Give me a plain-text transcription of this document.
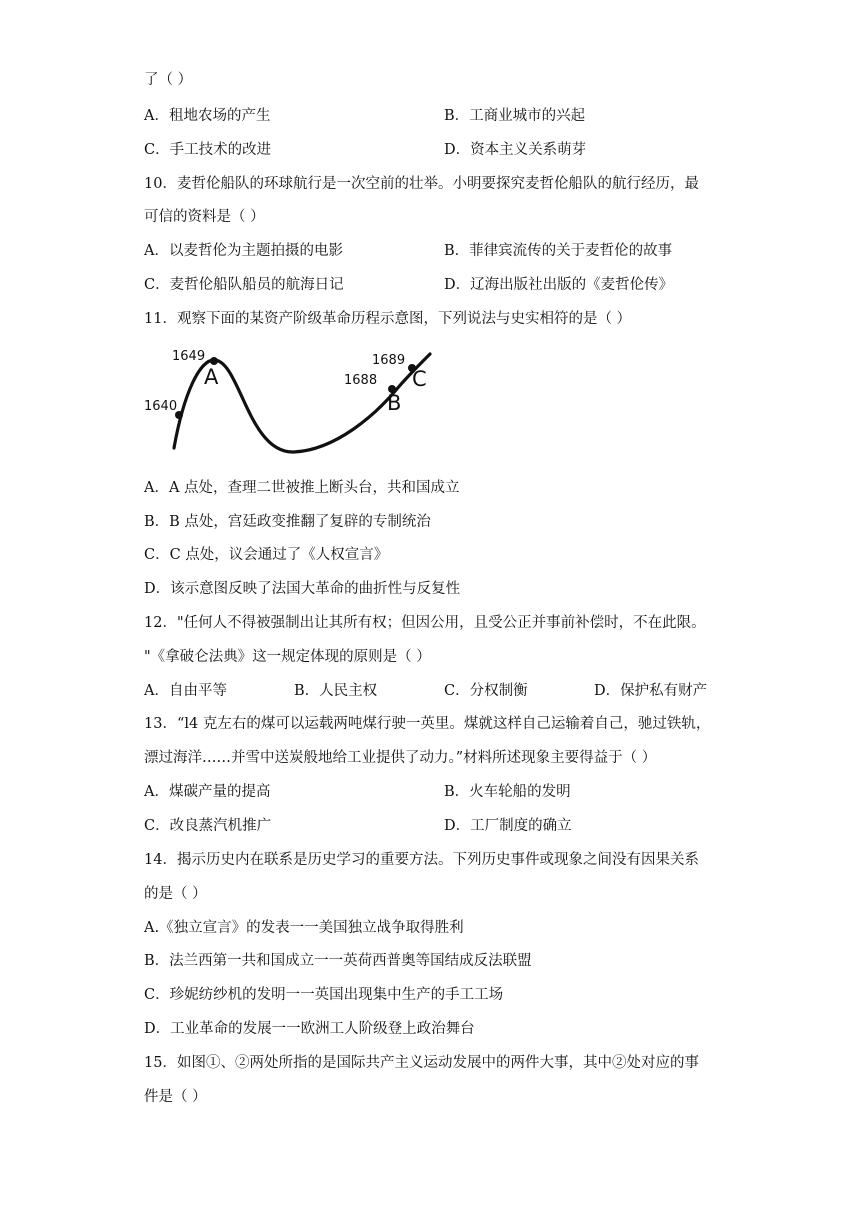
了（ ）
A．租地农场的产生	B．工商业城市的兴起
C．手工技术的改进	D．资本主义关系萌芽
10．麦哲伦船队的环球航行是一次空前的壮举。小明要探究麦哲伦船队的航行经历，最
可信的资料是（ ）
A．以麦哲伦为主题拍摄的电影	B．菲律宾流传的关于麦哲伦的故事
C．麦哲伦船队船员的航海日记	D．辽海出版社出版的《麦哲伦传》
11．观察下面的某资产阶级革命历程示意图，下列说法与史实相符的是（ ）
1640
1649
1688
1689
A
B
C
A．A 点处，查理二世被推上断头台，共和国成立
B．B 点处，宫廷政变推翻了复辟的专制统治
C．C 点处，议会通过了《人权宣言》
D．该示意图反映了法国大革命的曲折性与反复性
12．"任何人不得被强制出让其所有权；但因公用，且受公正并事前补偿时，不在此限。
"《拿破仑法典》这一规定体现的原则是（ ）
A．自由平等	B．人民主权	C．分权制衡	D．保护私有财产
13．“l4 克左右的煤可以运载两吨煤行驶一英里。煤就这样自己运输着自己，驰过铁轨，
漂过海洋……并雪中送炭般地给工业提供了动力。”材料所述现象主要得益于（ ）
A．煤碳产量的提高	B．火车轮船的发明
C．改良蒸汽机推广	D．工厂制度的确立
14．揭示历史内在联系是历史学习的重要方法。下列历史事件或现象之间没有因果关系
的是（ ）
A.《独立宣言》的发表一一美国独立战争取得胜利
B．法兰西第一共和国成立一一英荷西普奥等国结成反法联盟
C．珍妮纺纱机的发明一一英国出现集中生产的手工工场
D．工业革命的发展一一欧洲工人阶级登上政治舞台
15．如图①、②两处所指的是国际共产主义运动发展中的两件大事，其中②处对应的事
件是（ ）
